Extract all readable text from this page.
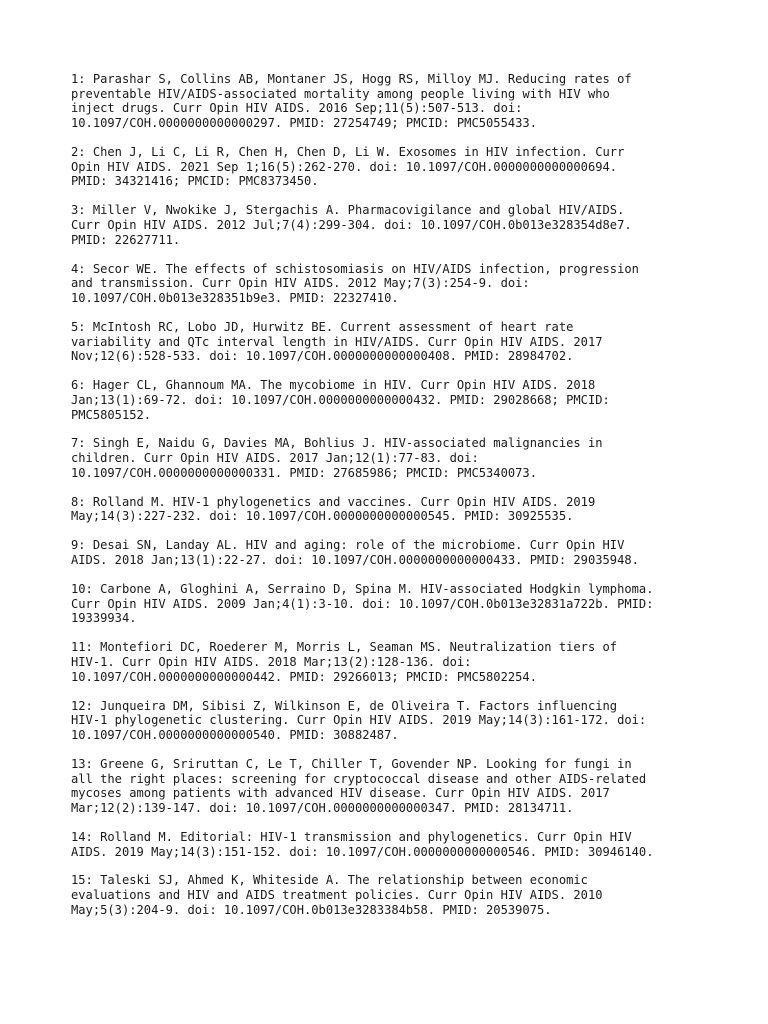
1: Parashar S, Collins AB, Montaner JS, Hogg RS, Milloy MJ. Reducing rates of
preventable HIV/AIDS-associated mortality among people living with HIV who
inject drugs. Curr Opin HIV AIDS. 2016 Sep;11(5):507-513. doi:
10.1097/COH.0000000000000297. PMID: 27254749; PMCID: PMC5055433.

2: Chen J, Li C, Li R, Chen H, Chen D, Li W. Exosomes in HIV infection. Curr
Opin HIV AIDS. 2021 Sep 1;16(5):262-270. doi: 10.1097/COH.0000000000000694.
PMID: 34321416; PMCID: PMC8373450.

3: Miller V, Nwokike J, Stergachis A. Pharmacovigilance and global HIV/AIDS.
Curr Opin HIV AIDS. 2012 Jul;7(4):299-304. doi: 10.1097/COH.0b013e328354d8e7.
PMID: 22627711.

4: Secor WE. The effects of schistosomiasis on HIV/AIDS infection, progression
and transmission. Curr Opin HIV AIDS. 2012 May;7(3):254-9. doi:
10.1097/COH.0b013e328351b9e3. PMID: 22327410.

5: McIntosh RC, Lobo JD, Hurwitz BE. Current assessment of heart rate
variability and QTc interval length in HIV/AIDS. Curr Opin HIV AIDS. 2017
Nov;12(6):528-533. doi: 10.1097/COH.0000000000000408. PMID: 28984702.

6: Hager CL, Ghannoum MA. The mycobiome in HIV. Curr Opin HIV AIDS. 2018
Jan;13(1):69-72. doi: 10.1097/COH.0000000000000432. PMID: 29028668; PMCID:
PMC5805152.

7: Singh E, Naidu G, Davies MA, Bohlius J. HIV-associated malignancies in
children. Curr Opin HIV AIDS. 2017 Jan;12(1):77-83. doi:
10.1097/COH.0000000000000331. PMID: 27685986; PMCID: PMC5340073.

8: Rolland M. HIV-1 phylogenetics and vaccines. Curr Opin HIV AIDS. 2019
May;14(3):227-232. doi: 10.1097/COH.0000000000000545. PMID: 30925535.

9: Desai SN, Landay AL. HIV and aging: role of the microbiome. Curr Opin HIV
AIDS. 2018 Jan;13(1):22-27. doi: 10.1097/COH.0000000000000433. PMID: 29035948.

10: Carbone A, Gloghini A, Serraino D, Spina M. HIV-associated Hodgkin lymphoma.
Curr Opin HIV AIDS. 2009 Jan;4(1):3-10. doi: 10.1097/COH.0b013e32831a722b. PMID:
19339934.

11: Montefiori DC, Roederer M, Morris L, Seaman MS. Neutralization tiers of
HIV-1. Curr Opin HIV AIDS. 2018 Mar;13(2):128-136. doi:
10.1097/COH.0000000000000442. PMID: 29266013; PMCID: PMC5802254.

12: Junqueira DM, Sibisi Z, Wilkinson E, de Oliveira T. Factors influencing
HIV-1 phylogenetic clustering. Curr Opin HIV AIDS. 2019 May;14(3):161-172. doi:
10.1097/COH.0000000000000540. PMID: 30882487.

13: Greene G, Sriruttan C, Le T, Chiller T, Govender NP. Looking for fungi in
all the right places: screening for cryptococcal disease and other AIDS-related
mycoses among patients with advanced HIV disease. Curr Opin HIV AIDS. 2017
Mar;12(2):139-147. doi: 10.1097/COH.0000000000000347. PMID: 28134711.

14: Rolland M. Editorial: HIV-1 transmission and phylogenetics. Curr Opin HIV
AIDS. 2019 May;14(3):151-152. doi: 10.1097/COH.0000000000000546. PMID: 30946140.

15: Taleski SJ, Ahmed K, Whiteside A. The relationship between economic
evaluations and HIV and AIDS treatment policies. Curr Opin HIV AIDS. 2010
May;5(3):204-9. doi: 10.1097/COH.0b013e3283384b58. PMID: 20539075.
